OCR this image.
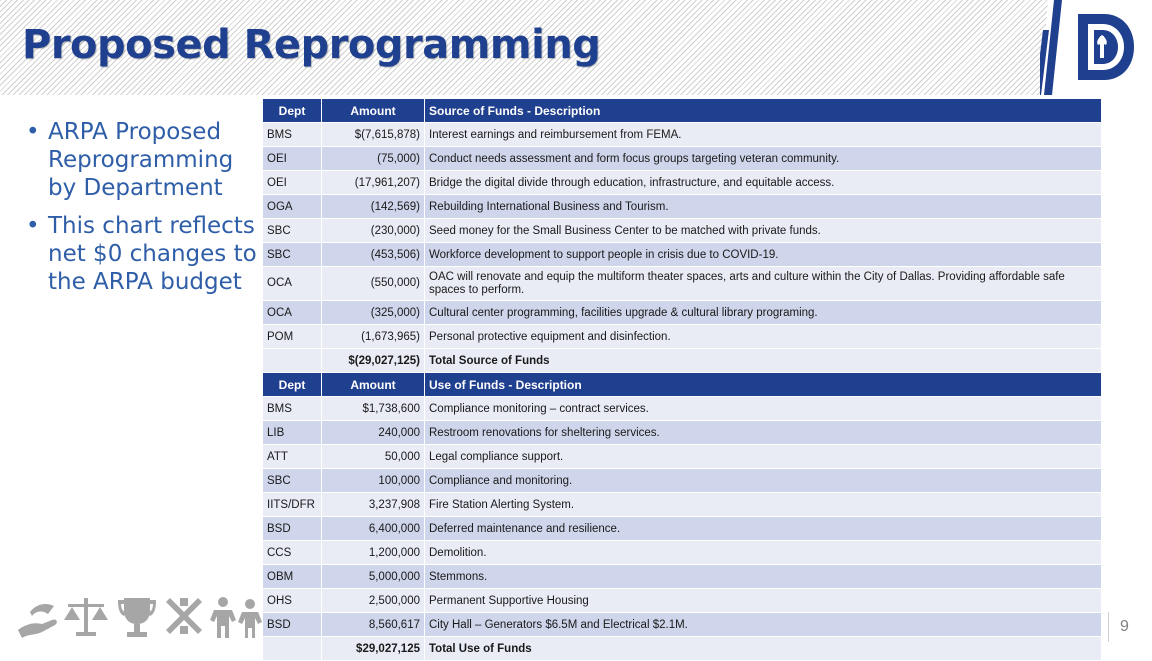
Proposed Reprogramming
• ARPA Proposed Reprogramming by Department
• This chart reflects net $0 changes to the ARPA budget
Dept	Amount	Source of Funds - Description
BMS	$(7,615,878)	Interest earnings and reimbursement from FEMA.
OEI	(75,000)	Conduct needs assessment and form focus groups targeting veteran community.
OEI	(17,961,207)	Bridge the digital divide through education, infrastructure, and equitable access.
OGA	(142,569)	Rebuilding International Business and Tourism.
SBC	(230,000)	Seed money for the Small Business Center to be matched with private funds.
SBC	(453,506)	Workforce development to support people in crisis due to COVID-19.
OCA	(550,000)	OAC will renovate and equip the multiform theater spaces, arts and culture within the City of Dallas. Providing affordable safe spaces to perform.
OCA	(325,000)	Cultural center programming, facilities upgrade & cultural library programing.
POM	(1,673,965)	Personal protective equipment and disinfection.
	$(29,027,125)	Total Source of Funds
Dept	Amount	Use of Funds - Description
BMS	$1,738,600	Compliance monitoring – contract services.
LIB	240,000	Restroom renovations for sheltering services.
ATT	50,000	Legal compliance support.
SBC	100,000	Compliance and monitoring.
IITS/DFR	3,237,908	Fire Station Alerting System.
BSD	6,400,000	Deferred maintenance and resilience.
CCS	1,200,000	Demolition.
OBM	5,000,000	Stemmons.
OHS	2,500,000	Permanent Supportive Housing
BSD	8,560,617	City Hall – Generators $6.5M and Electrical $2.1M.
	$29,027,125	Total Use of Funds
9
